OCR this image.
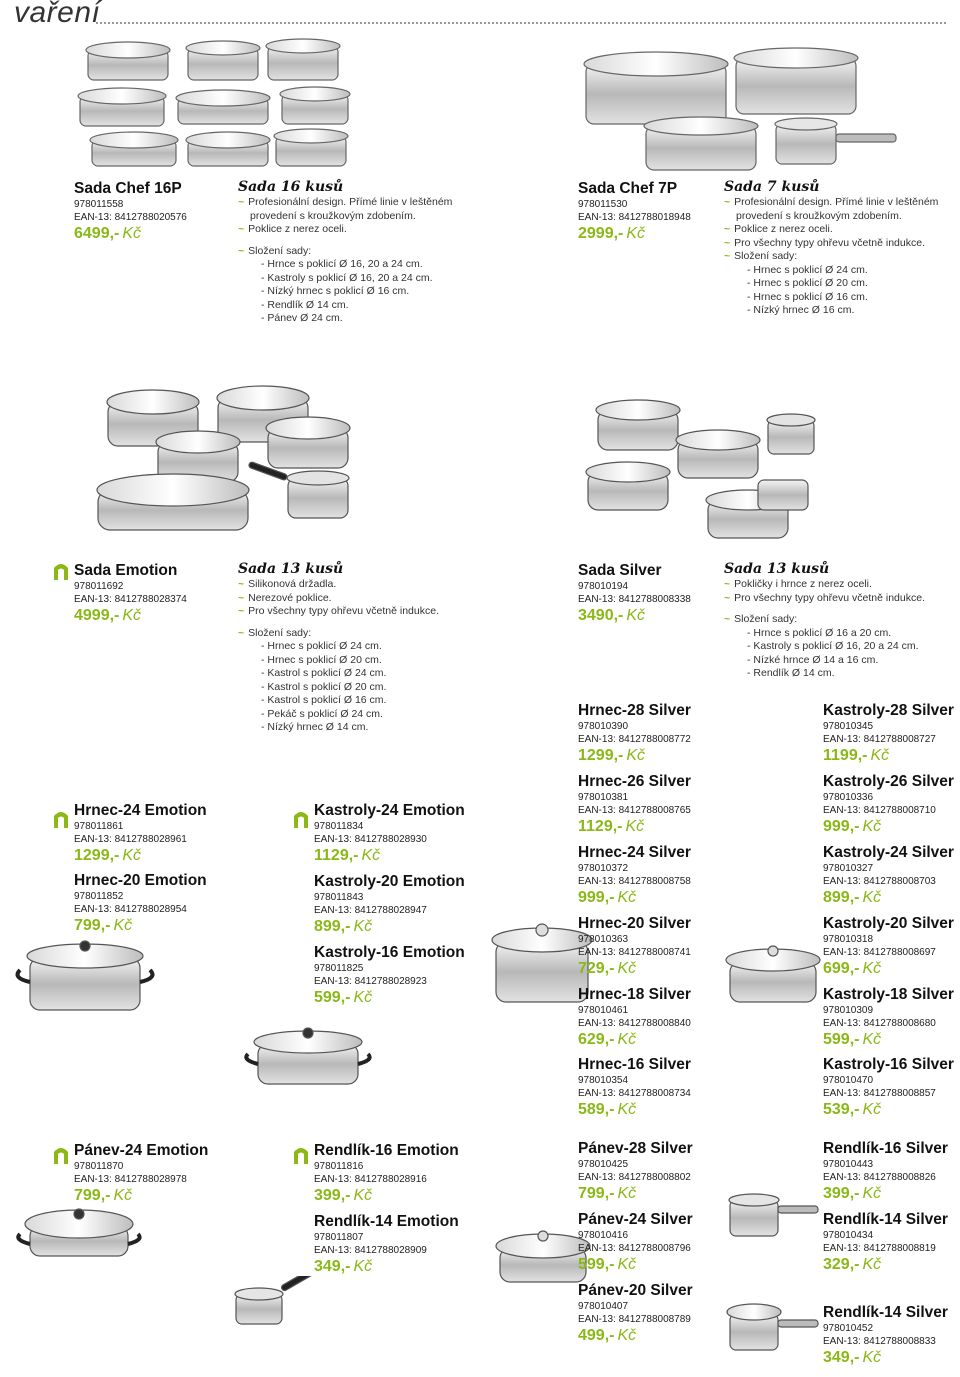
vaření
Sada Chef 16P
978011558
EAN-13: 8412788020576
6499,- Kč
Sada 16 kusů
~ Profesionální design. Přímé linie v leštěném
provedení s kroužkovým zdobením.
~ Poklice z nerez oceli.
~ Složení sady:
- Hrnce s poklicí Ø 16, 20 a 24 cm.
- Kastroly s poklicí Ø 16, 20 a 24 cm.
- Nízký hrnec s poklicí Ø 16 cm.
- Rendlík Ø 14 cm.
- Pánev Ø 24 cm.
Sada Chef 7P
978011530
EAN-13: 8412788018948
2999,- Kč
Sada 7 kusů
~ Profesionální design. Přímé linie v leštěném
provedení s kroužkovým zdobením.
~ Poklice z nerez oceli.
~ Pro všechny typy ohřevu včetně indukce.
~ Složení sady:
- Hrnec s poklicí Ø 24 cm.
- Hrnec s poklicí Ø 20 cm.
- Hrnec s poklicí Ø 16 cm.
- Nízký hrnec Ø 16 cm.
Sada Emotion
978011692
EAN-13: 8412788028374
4999,- Kč
Sada 13 kusů
~ Silikonová držadla.
~ Nerezové poklice.
~ Pro všechny typy ohřevu včetně indukce.
~ Složení sady:
- Hrnec s poklicí Ø 24 cm.
- Hrnec s poklicí Ø 20 cm.
- Kastrol s poklicí Ø 24 cm.
- Kastrol s poklicí Ø 20 cm.
- Kastrol s poklicí Ø 16 cm.
- Pekáč s poklicí Ø 24 cm.
- Nízký hrnec Ø 14 cm.
Sada Silver
978010194
EAN-13: 8412788008338
3490,- Kč
Sada 13 kusů
~ Pokličky i hrnce z nerez oceli.
~ Pro všechny typy ohřevu včetně indukce.
~ Složení sady:
- Hrnce s poklicí Ø 16 a 20 cm.
- Kastroly s poklicí Ø 16, 20 a 24 cm.
- Nízké hrnce Ø 14 a 16 cm.
- Rendlík Ø 14 cm.
Hrnec-24 Emotion
978011861
EAN-13: 8412788028961
1299,- Kč
Hrnec-20 Emotion
978011852
EAN-13: 8412788028954
799,- Kč
Kastroly-24 Emotion
978011834
EAN-13: 8412788028930
1129,- Kč
Kastroly-20 Emotion
978011843
EAN-13: 8412788028947
899,- Kč
Kastroly-16 Emotion
978011825
EAN-13: 8412788028923
599,- Kč
Hrnec-28 Silver
978010390
EAN-13: 8412788008772
1299,- Kč
Hrnec-26 Silver
978010381
EAN-13: 8412788008765
1129,- Kč
Hrnec-24 Silver
978010372
EAN-13: 8412788008758
999,- Kč
Hrnec-20 Silver
978010363
EAN-13: 8412788008741
729,- Kč
Hrnec-18 Silver
978010461
EAN-13: 8412788008840
629,- Kč
Hrnec-16 Silver
978010354
EAN-13: 8412788008734
589,- Kč
Kastroly-28 Silver
978010345
EAN-13: 8412788008727
1199,- Kč
Kastroly-26 Silver
978010336
EAN-13: 8412788008710
999,- Kč
Kastroly-24 Silver
978010327
EAN-13: 8412788008703
899,- Kč
Kastroly-20 Silver
978010318
EAN-13: 8412788008697
699,- Kč
Kastroly-18 Silver
978010309
EAN-13: 8412788008680
599,- Kč
Kastroly-16 Silver
978010470
EAN-13: 8412788008857
539,- Kč
Pánev-24 Emotion
978011870
EAN-13: 8412788028978
799,- Kč
Rendlík-16 Emotion
978011816
EAN-13: 8412788028916
399,- Kč
Rendlík-14 Emotion
978011807
EAN-13: 8412788028909
349,- Kč
Pánev-28 Silver
978010425
EAN-13: 8412788008802
799,- Kč
Pánev-24 Silver
978010416
EAN-13: 8412788008796
599,- Kč
Pánev-20 Silver
978010407
EAN-13: 8412788008789
499,- Kč
Rendlík-16 Silver
978010443
EAN-13: 8412788008826
399,- Kč
Rendlík-14 Silver
978010434
EAN-13: 8412788008819
329,- Kč
Rendlík-14 Silver
978010452
EAN-13: 8412788008833
349,- Kč
